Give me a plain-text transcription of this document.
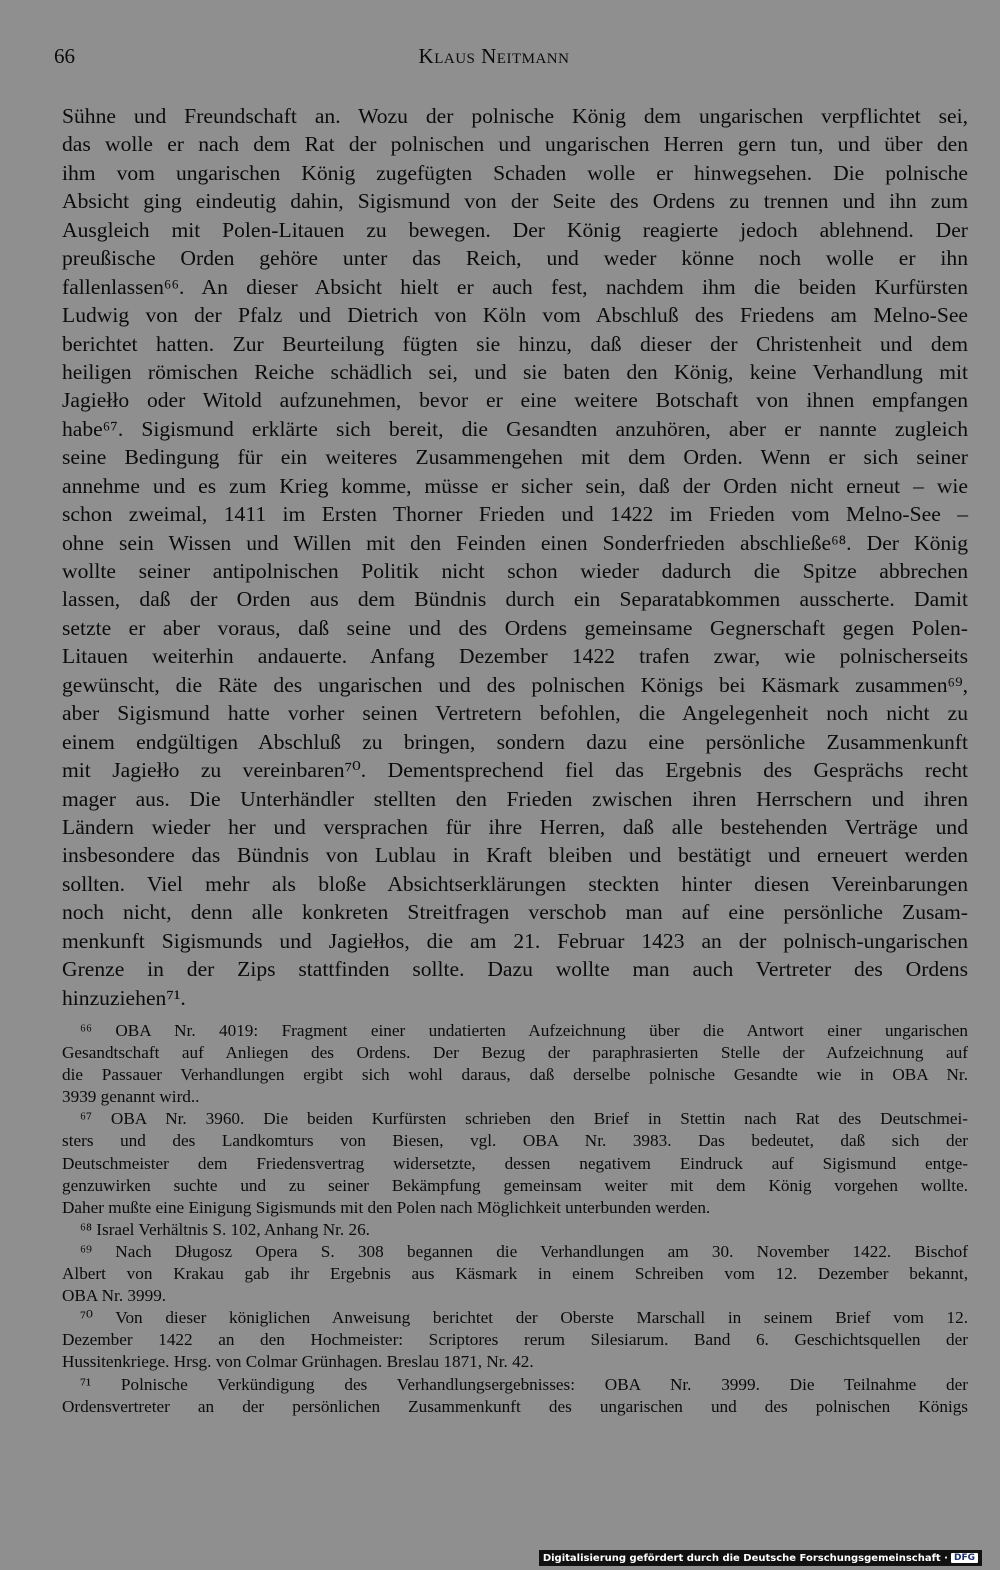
66	Klaus Neitmann
Sühne und Freundschaft an. Wozu der polnische König dem ungarischen verpflichtet sei,
das wolle er nach dem Rat der polnischen und ungarischen Herren gern tun, und über den
ihm vom ungarischen König zugefügten Schaden wolle er hinwegsehen. Die polnische
Absicht ging eindeutig dahin, Sigismund von der Seite des Ordens zu trennen und ihn zum
Ausgleich mit Polen-Litauen zu bewegen. Der König reagierte jedoch ablehnend. Der
preußische Orden gehöre unter das Reich, und weder könne noch wolle er ihn
fallenlassen⁶⁶. An dieser Absicht hielt er auch fest, nachdem ihm die beiden Kurfürsten
Ludwig von der Pfalz und Dietrich von Köln vom Abschluß des Friedens am Melno-See
berichtet hatten. Zur Beurteilung fügten sie hinzu, daß dieser der Christenheit und dem
heiligen römischen Reiche schädlich sei, und sie baten den König, keine Verhandlung mit
Jagiełło oder Witold aufzunehmen, bevor er eine weitere Botschaft von ihnen empfangen
habe⁶⁷. Sigismund erklärte sich bereit, die Gesandten anzuhören, aber er nannte zugleich
seine Bedingung für ein weiteres Zusammengehen mit dem Orden. Wenn er sich seiner
annehme und es zum Krieg komme, müsse er sicher sein, daß der Orden nicht erneut – wie
schon zweimal, 1411 im Ersten Thorner Frieden und 1422 im Frieden vom Melno-See –
ohne sein Wissen und Willen mit den Feinden einen Sonderfrieden abschließe⁶⁸. Der König
wollte seiner antipolnischen Politik nicht schon wieder dadurch die Spitze abbrechen
lassen, daß der Orden aus dem Bündnis durch ein Separatabkommen ausscherte. Damit
setzte er aber voraus, daß seine und des Ordens gemeinsame Gegnerschaft gegen Polen-
Litauen weiterhin andauerte. Anfang Dezember 1422 trafen zwar, wie polnischerseits
gewünscht, die Räte des ungarischen und des polnischen Königs bei Käsmark zusammen⁶⁹,
aber Sigismund hatte vorher seinen Vertretern befohlen, die Angelegenheit noch nicht zu
einem endgültigen Abschluß zu bringen, sondern dazu eine persönliche Zusammenkunft
mit Jagiełło zu vereinbaren⁷⁰. Dementsprechend fiel das Ergebnis des Gesprächs recht
mager aus. Die Unterhändler stellten den Frieden zwischen ihren Herrschern und ihren
Ländern wieder her und versprachen für ihre Herren, daß alle bestehenden Verträge und
insbesondere das Bündnis von Lublau in Kraft bleiben und bestätigt und erneuert werden
sollten. Viel mehr als bloße Absichtserklärungen steckten hinter diesen Vereinbarungen
noch nicht, denn alle konkreten Streitfragen verschob man auf eine persönliche Zusam-
menkunft Sigismunds und Jagiełłos, die am 21. Februar 1423 an der polnisch-ungarischen
Grenze in der Zips stattfinden sollte. Dazu wollte man auch Vertreter des Ordens
hinzuziehen⁷¹.
⁶⁶ OBA Nr. 4019: Fragment einer undatierten Aufzeichnung über die Antwort einer ungarischen
Gesandtschaft auf Anliegen des Ordens. Der Bezug der paraphrasierten Stelle der Aufzeichnung auf
die Passauer Verhandlungen ergibt sich wohl daraus, daß derselbe polnische Gesandte wie in OBA Nr.
3939 genannt wird..
⁶⁷ OBA Nr. 3960. Die beiden Kurfürsten schrieben den Brief in Stettin nach Rat des Deutschmei-
sters und des Landkomturs von Biesen, vgl. OBA Nr. 3983. Das bedeutet, daß sich der
Deutschmeister dem Friedensvertrag widersetzte, dessen negativem Eindruck auf Sigismund entge-
genzuwirken suchte und zu seiner Bekämpfung gemeinsam weiter mit dem König vorgehen wollte.
Daher mußte eine Einigung Sigismunds mit den Polen nach Möglichkeit unterbunden werden.
⁶⁸ Israel Verhältnis S. 102, Anhang Nr. 26.
⁶⁹ Nach Długosz Opera S. 308 begannen die Verhandlungen am 30. November 1422. Bischof
Albert von Krakau gab ihr Ergebnis aus Käsmark in einem Schreiben vom 12. Dezember bekannt,
OBA Nr. 3999.
⁷⁰ Von dieser königlichen Anweisung berichtet der Oberste Marschall in seinem Brief vom 12.
Dezember 1422 an den Hochmeister: Scriptores rerum Silesiarum. Band 6. Geschichtsquellen der
Hussitenkriege. Hrsg. von Colmar Grünhagen. Breslau 1871, Nr. 42.
⁷¹ Polnische Verkündigung des Verhandlungsergebnisses: OBA Nr. 3999. Die Teilnahme der
Ordensvertreter an der persönlichen Zusammenkunft des ungarischen und des polnischen Königs
Digitalisierung gefördert durch die Deutsche Forschungsgemeinschaft · DFG
